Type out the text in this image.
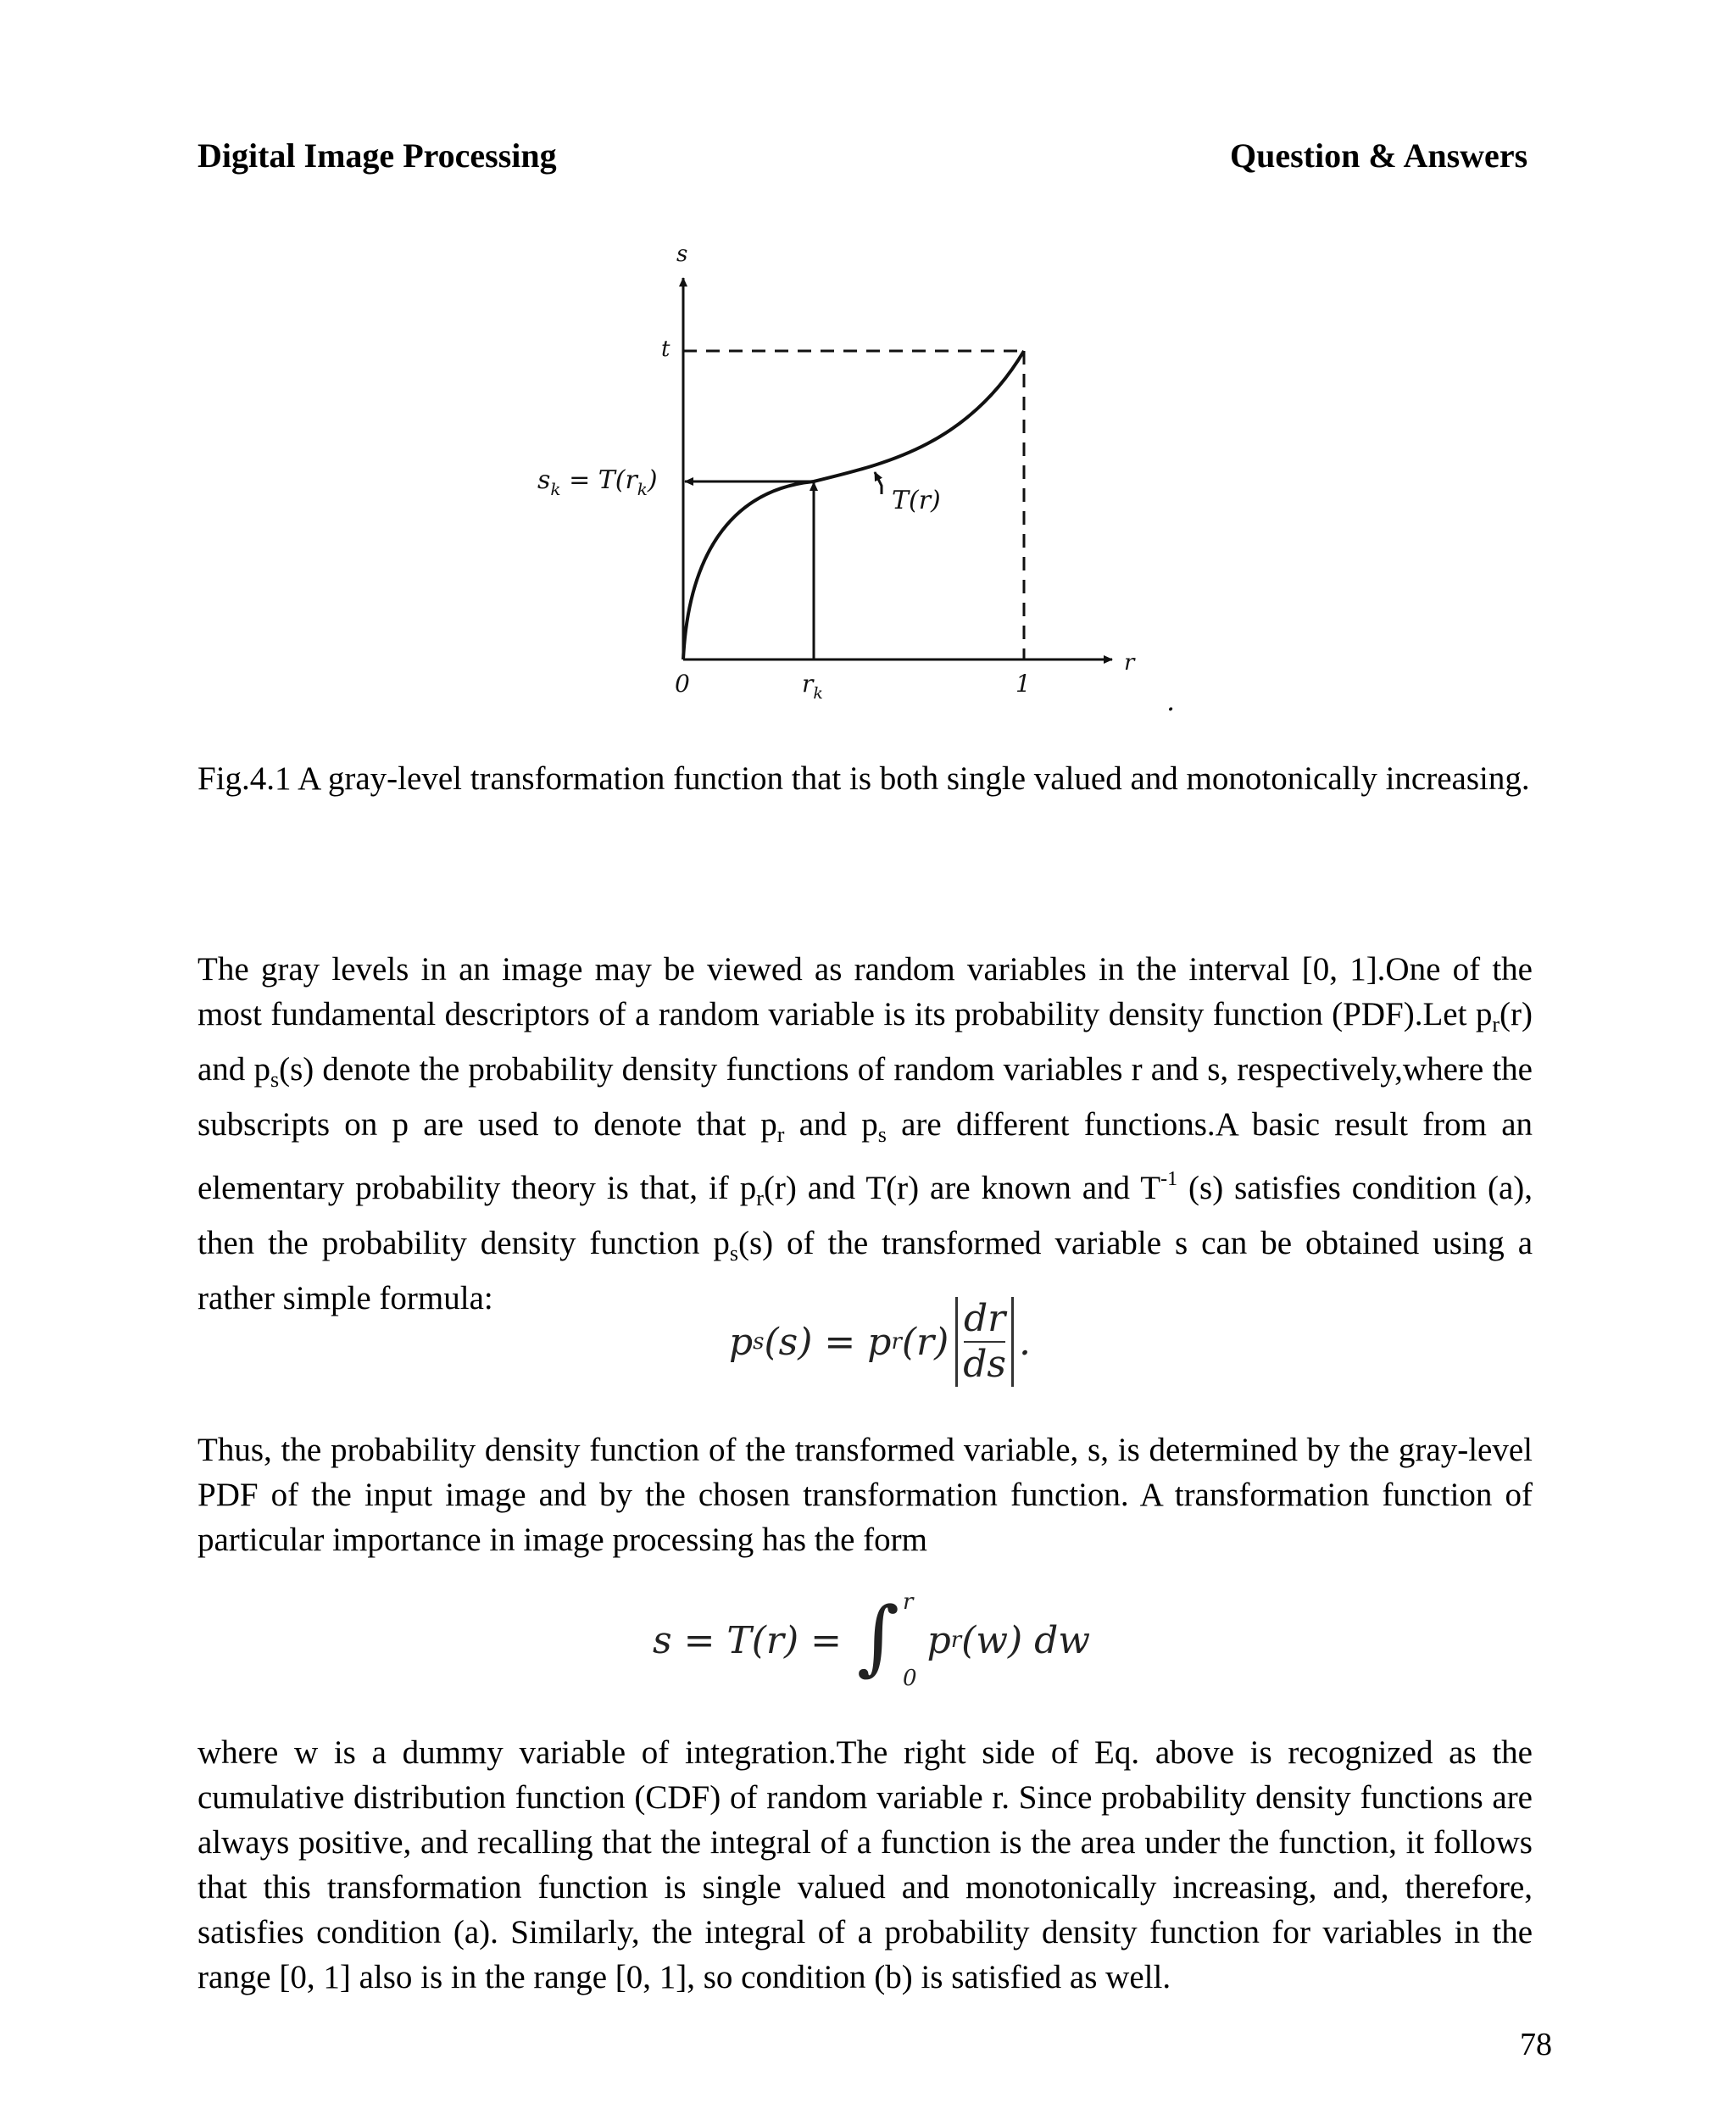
Digital Image Processing	Question & Answers
s
t
$s_k = T(r_k)$
T(r)
0	$r_k$	1
r
.
Fig.4.1 A gray-level transformation function that is both single valued and monotonically increasing.

The gray levels in an image may be viewed as random variables in the interval [0, 1].One of the most fundamental descriptors of a random variable is its probability density function (PDF).Let $p_r(r)$ and $p_s(s)$ denote the probability density functions of random variables r and s, respectively,where the subscripts on p are used to denote that $p_r$ and $p_s$ are different functions.A basic result from an elementary probability theory is that, if $p_r(r)$ and T(r) are known and $T^{-1}$ (s) satisfies condition (a), then the probability density function $p_s(s)$ of the transformed variable s can be obtained using a rather simple formula:

p s (s) = p r (r)
dr
ds
.

Thus, the probability density function of the transformed variable, s, is determined by the gray-level PDF of the input image and by the chosen transformation function. A transformation function of particular importance in image processing has the form

s = T(r) = ∫ r
0
p r (w) dw

where w is a dummy variable of integration.The right side of Eq. above is recognized as the cumulative distribution function (CDF) of random variable r. Since probability density functions are always positive, and recalling that the integral of a function is the area under the function, it follows that this transformation function is single valued and monotonically increasing, and, therefore, satisfies condition (a). Similarly, the integral of a probability density function for variables in the range [0, 1] also is in the range [0, 1], so condition (b) is satisfied as well.

78
